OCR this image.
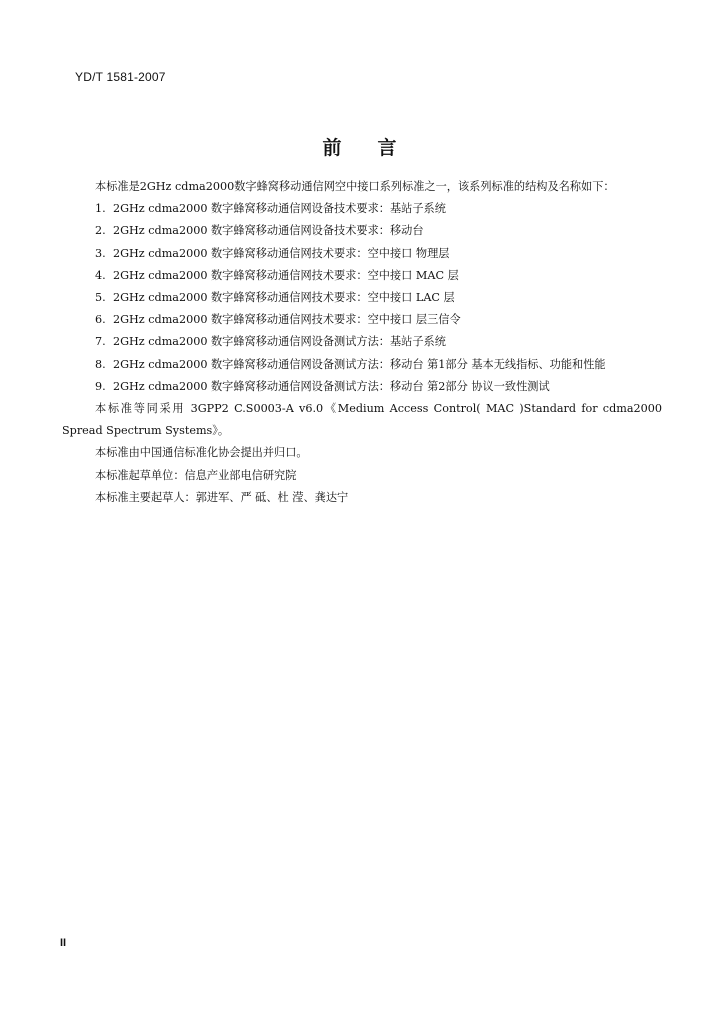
YD/T 1581-2007
前 言

本标准是2GHz cdma2000数字蜂窝移动通信网空中接口系列标准之一，该系列标准的结构及名称如下：

1. 2GHz cdma2000 数字蜂窝移动通信网设备技术要求：基站子系统
2. 2GHz cdma2000 数字蜂窝移动通信网设备技术要求：移动台
3. 2GHz cdma2000 数字蜂窝移动通信网技术要求：空中接口 物理层
4. 2GHz cdma2000 数字蜂窝移动通信网技术要求：空中接口 MAC 层
5. 2GHz cdma2000 数字蜂窝移动通信网技术要求：空中接口 LAC 层
6. 2GHz cdma2000 数字蜂窝移动通信网技术要求：空中接口 层三信令
7. 2GHz cdma2000 数字蜂窝移动通信网设备测试方法：基站子系统
8. 2GHz cdma2000 数字蜂窝移动通信网设备测试方法：移动台 第1部分 基本无线指标、功能和性能
9. 2GHz cdma2000 数字蜂窝移动通信网设备测试方法：移动台 第2部分 协议一致性测试

本标准等同采用 3GPP2 C.S0003-A v6.0《Medium Access Control( MAC )Standard for cdma2000 Spread Spectrum Systems》。

本标准由中国通信标准化协会提出并归口。

本标准起草单位：信息产业部电信研究院

本标准主要起草人：郭进军、严 砥、杜 滢、龚达宁

II
